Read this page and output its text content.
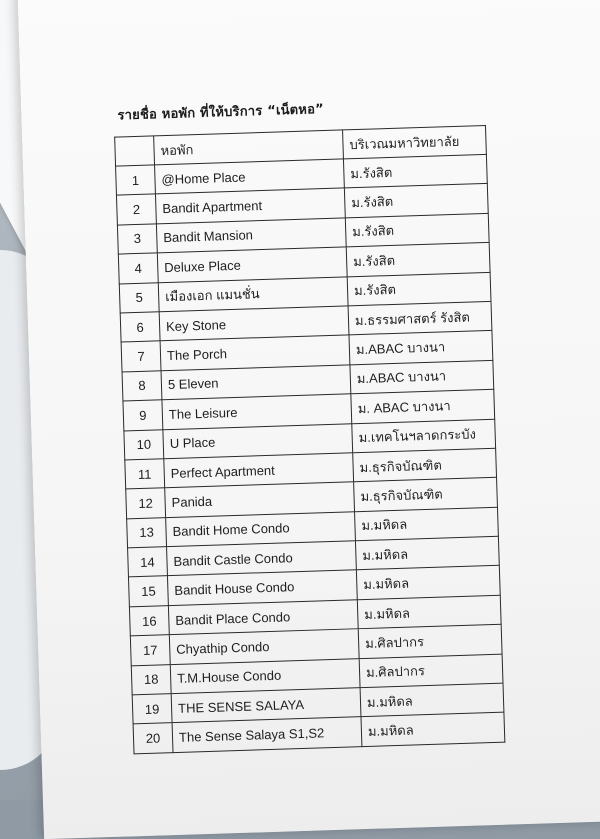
รายชื่อ หอพัก ที่ให้บริการ “เน็ตหอ”
	หอพัก	บริเวณมหาวิทยาลัย
1	@Home Place	ม.รังสิต
2	Bandit Apartment	ม.รังสิต
3	Bandit Mansion	ม.รังสิต
4	Deluxe Place	ม.รังสิต
5	เมืองเอก แมนชั่น	ม.รังสิต
6	Key Stone	ม.ธรรมศาสตร์ รังสิต
7	The Porch	ม.ABAC บางนา
8	5 Eleven	ม.ABAC บางนา
9	The Leisure	ม. ABAC บางนา
10	U Place	ม.เทคโนฯลาดกระบัง
11	Perfect Apartment	ม.ธุรกิจบัณฑิต
12	Panida	ม.ธุรกิจบัณฑิต
13	Bandit Home Condo	ม.มหิดล
14	Bandit Castle Condo	ม.มหิดล
15	Bandit House Condo	ม.มหิดล
16	Bandit Place Condo	ม.มหิดล
17	Chyathip Condo	ม.ศิลปากร
18	T.M.House Condo	ม.ศิลปากร
19	THE SENSE SALAYA	ม.มหิดล
20	The Sense Salaya S1,S2	ม.มหิดล
